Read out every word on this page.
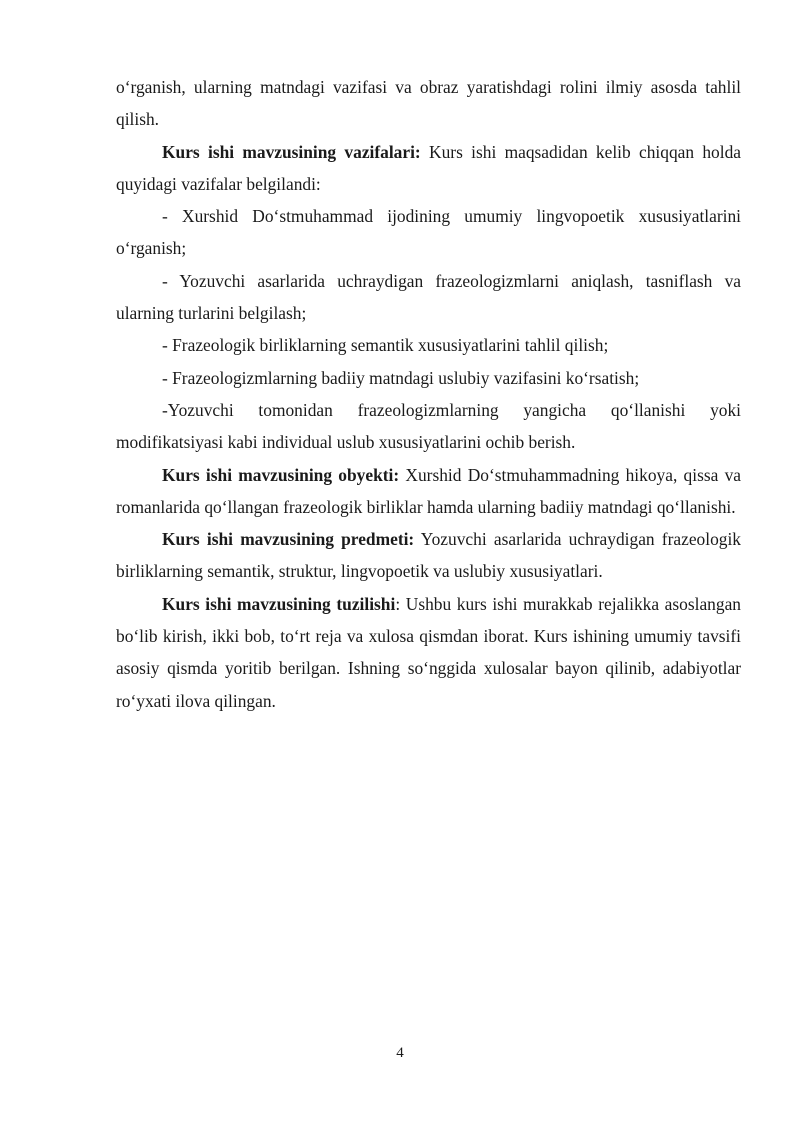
o‘rganish, ularning matndagi vazifasi va obraz yaratishdagi rolini ilmiy asosda tahlil qilish.

Kurs ishi mavzusining vazifalari: Kurs ishi maqsadidan kelib chiqqan holda quyidagi vazifalar belgilandi:

- Xurshid Do‘stmuhammad ijodining umumiy lingvopoetik xususiyatlarini o‘rganish;

- Yozuvchi asarlarida uchraydigan frazeologizmlarni aniqlash, tasniflash va ularning turlarini belgilash;

- Frazeologik birliklarning semantik xususiyatlarini tahlil qilish;

- Frazeologizmlarning badiiy matndagi uslubiy vazifasini ko‘rsatish;

-Yozuvchi tomonidan frazeologizmlarning yangicha qo‘llanishi yoki modifikatsiyasi kabi individual uslub xususiyatlarini ochib berish.

Kurs ishi mavzusining obyekti: Xurshid Do‘stmuhammadning hikoya, qissa va romanlarida qo‘llangan frazeologik birliklar hamda ularning badiiy matndagi qo‘llanishi.

Kurs ishi mavzusining predmeti: Yozuvchi asarlarida uchraydigan frazeologik birliklarning semantik, struktur, lingvopoetik va uslubiy xususiyatlari.

Kurs ishi mavzusining tuzilishi: Ushbu kurs ishi murakkab rejalikka asoslangan bo‘lib kirish, ikki bob, to‘rt reja va xulosa qismdan iborat. Kurs ishining umumiy tavsifi asosiy qismda yoritib berilgan. Ishning so‘nggida xulosalar bayon qilinib, adabiyotlar ro‘yxati ilova qilingan.

4
